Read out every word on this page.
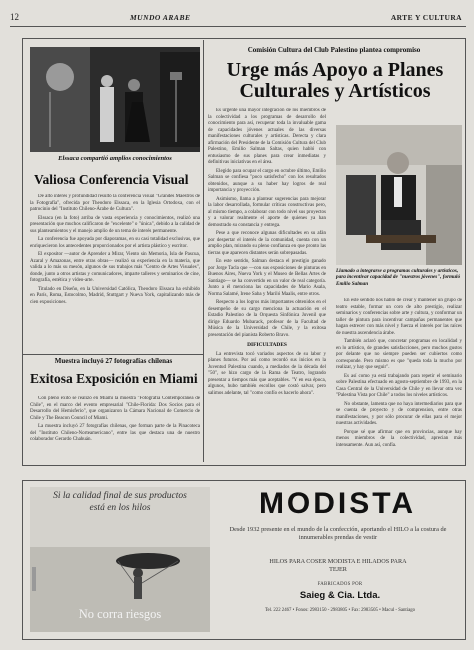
12	MUNDO ARABE	ARTE Y CULTURA
Elssaca compartió amplios conocimientos
Valiosa Conferencia Visual

De alto interés y profundidad resultó la conferencia visual "Grandes Maestros de la Fotografía", ofrecida por Theodoro Elssaca, en la Iglesia Ortodoxa, con el patrocinio del "Instituto Chileno-Árabe de Cultura".

Elssaca (en la foto) arriba de vasta experiencia y conocimientos, realizó una presentación que muchos calificaron de "excelente" o "única", debido a la calidad de sus planteamientos y el manejo amplio de un tema de interés permanente.

La conferencia fue apoyada por diaporamas, en su casi totalidad exclusivas, que enriquecieron los antecedentes proporcionados por el artista plástico y escritor.

El expositor —autor de Aprender a Mirar, Viento sin Memoria, Isla de Pascua, Azaral y Amazonas, entre otras obras— realizó su experiencia en la materia, que valida a lo más su mesón, algunos de sus trabajos más "Centro de Artes Visuales", donde, junto a otros artistas y comunicadores, imparte talleres y seminarios de cine, fotografía, estética y vídeo-arte.

Titulado en Diseño, en la Universidad Católica, Theodoro Elssaca ha exhibido en París, Roma, Estocolmo, Madrid, Stuttgart y Nueva York, capitalizando más de cien exposiciones.

Muestra incluyó 27 fotografías chilenas
Exitosa Exposición en Miami

Con pleno éxito se realizó en Miami la muestra "Fotografía Contemporánea de Chile", en el marco del evento empresarial "Chile-Florida: Dos Socios para el Desarrollo del Hemisferio", que organizaron la Cámara Nacional de Comercio de Chile y The Beacon Council of Miami.

La muestra incluyó 27 fotografías chilenas, que forman parte de la Pinacoteca del "Instituto Chileno-Norteamericano", entre las que destaca una de nuestro colaborador Gerardo Chahuán.

Comisión Cultura del Club Palestino plantea compromiso
Urge más Apoyo a Planes Culturales y Artísticos

Es urgente una mayor integración de los miembros de la colectividad a los programas de desarrollo del conocimiento para así, recuperar toda la invaluable gama de capacidades jóvenes actuales de las diversas manifestaciones culturales y artísticas. Derecta y clara afirmación del Presidente de la Comisión Cultura del Club Palestino, Emilio Salman Saltas, quien habló con entusiasmo de sus planes para crear inmediatas y definitivas iniciativas en el área.

Elegido para ocupar el cargo en octubre último, Emilio Salman se confiesa "poco satisfecho" con los resultados obtenidos, aunque a su haber hay logros de real importancia y proyección.

Asimismo, llama a plantear sugerencias para mejorar la labor desarrollada, formular críticas constructivas pero, al mismo tiempo, a colaborar con todo nivel sus proyectos y a valorar realmente el aporte de quienes ya han demostrado su constancia y entrega.

Pese a que reconoce algunas dificultades en su afán por despertar el interés de la comunidad, cuenta con un amplio plan, mirando su pleno confianza en que pronto las tierras que aparecen distantes serán sobrepasadas.

En este sentido, Salman destaca el prestigio ganado por Jorge Tacla que —con sus exposiciones de pinturas en Buenos Aires, Nueva York y el Museo de Bellas Artes de Santiago— se ha convertido en un valor de real categoría. Junto a él menciona las capacidades de Mario Asala, Norma Salamé, Irene Saba y Mariló Maalis, entre otros.

Respecto a los logros más importantes obtenidos en el desempeño de su cargo menciona la actuación en el Estadio Palestino de la Orquesta Sinfónica Juvenil que dirige Eduardo Mubarack, profesor de la Facultad de Música de la Universidad de Chile, y la exitosa presentación del pianista Roberto Bravo.

DIFICULTADES

La entrevista tocó variados aspectos de su labor y planes futuros. Por así como recordó sus inicios en la Juventud Palestina cuando, a mediados de la década del "50", se hizo cargo de la Rama de Teatro, logrando presentar a tiempos más que aceptables. "Y en esa época, algunos, hubo también escollos que costó salvar, pero salimos adelante, tal "como confío es hacerlo ahora".

Llamado a integrarse a programas culturales y artísticos, para incentivar capacidad de "nuestros jóvenes", formuló Emilio Salman

En este sentido nos habló de crear y mantener un grupo de teatro estable, formar un coro de alto prestigio, realizar seminarios y conferencias sobre arte y cultura, y conformar un taller de pintura para incentivar campañas permanentes que hagan estrecer con más nivel y fuerza el interés por las raíces de nuestra ascendencia árabe.

También aclaró que, concretar programas en localidad y en lo artístico, de grandes satisfacciones, pero muchos gustos por delante que no siempre pueden ser cubiertos como corresponde. Pero mismo es que "queda toda la mucho por realizar, y hay que seguir".

Es así como ya está trabajando para repetir el seminario sobre Palestina efectuado en agosto-septiembre de 1993, en la Casa Central de la Universidad de Chile y en llevar otra vez "Palestina Vista por Chile" a todos los niveles artísticos.

No obstante, lamenta que no haya intermediarios para que se cuenta de proyecto y de comprension, entre otras manifestaciones, y por sólo procurar de ellas para el mejor nuestras actividades.

Porque sé que afirmar que en provincias, aunque hay menos miembros de la colectividad, aprecian más intensamente. Aun así, confía.

Si la calidad final de sus productos
está en los hilos
No corra riesgos
MODISTA
Desde 1932 presente en el mundo de la confección, aportando el HILO a la costura de innumerables prendas de vestir
HILOS PARA COSER MODISTA E HILADOS PARA TEJER
FABRICADOS POR
Saieg & Cia. Ltda.
Tel. 222 2467 • Fonos: 2983150 - 2983805 • Fax: 2983505 • Macul - Santiago
